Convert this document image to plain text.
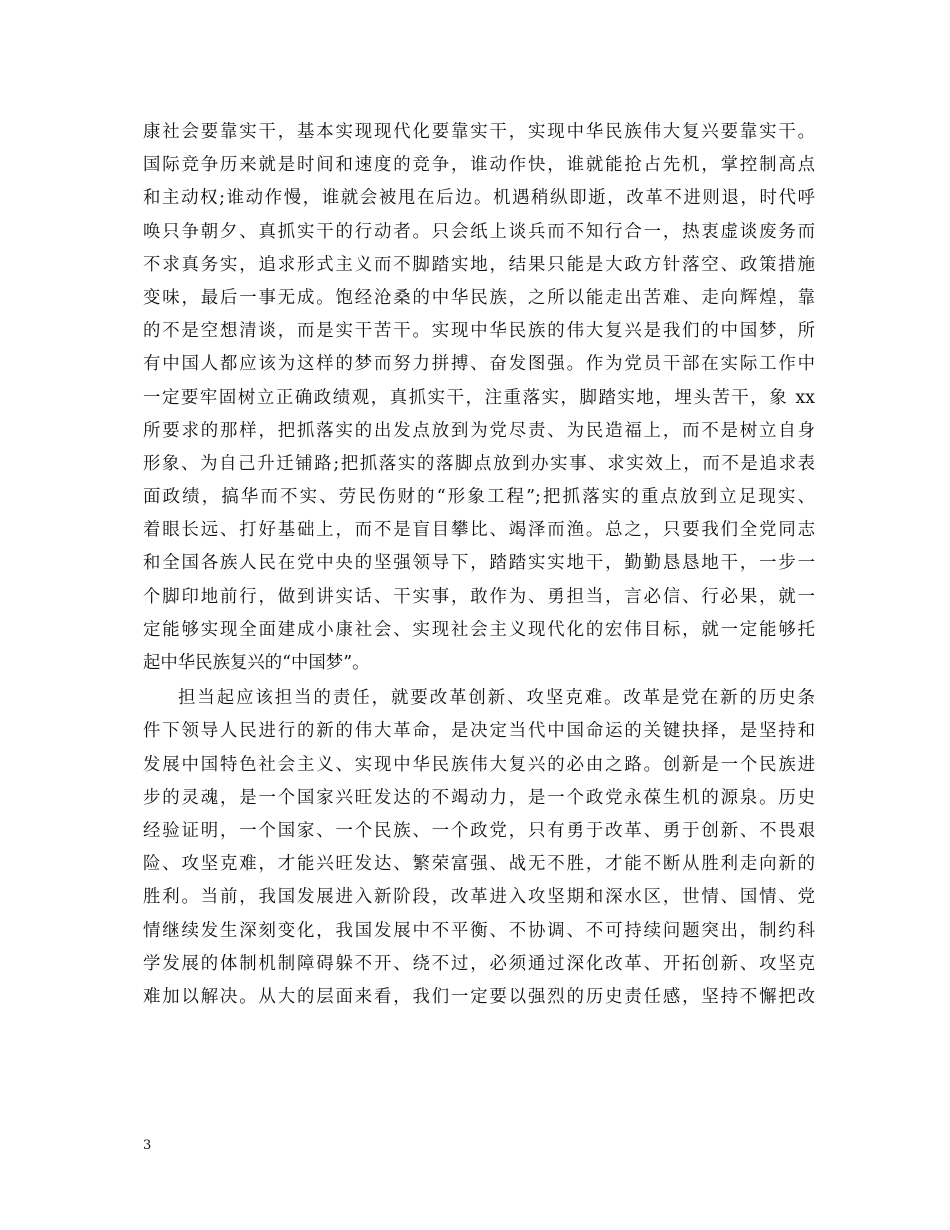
康社会要靠实干，基本实现现代化要靠实干，实现中华民族伟大复兴要靠实干。
国际竞争历来就是时间和速度的竞争，谁动作快，谁就能抢占先机，掌控制高点
和主动权;谁动作慢，谁就会被甩在后边。机遇稍纵即逝，改革不进则退，时代呼
唤只争朝夕、真抓实干的行动者。只会纸上谈兵而不知行合一，热衷虚谈废务而
不求真务实，追求形式主义而不脚踏实地，结果只能是大政方针落空、政策措施
变味，最后一事无成。饱经沧桑的中华民族，之所以能走出苦难、走向辉煌，靠
的不是空想清谈，而是实干苦干。实现中华民族的伟大复兴是我们的中国梦，所
有中国人都应该为这样的梦而努力拼搏、奋发图强。作为党员干部在实际工作中
一定要牢固树立正确政绩观，真抓实干，注重落实，脚踏实地，埋头苦干，象 xx
所要求的那样，把抓落实的出发点放到为党尽责、为民造福上，而不是树立自身
形象、为自己升迁铺路;把抓落实的落脚点放到办实事、求实效上，而不是追求表
面政绩，搞华而不实、劳民伤财的“形象工程”;把抓落实的重点放到立足现实、
着眼长远、打好基础上，而不是盲目攀比、竭泽而渔。总之，只要我们全党同志
和全国各族人民在党中央的坚强领导下，踏踏实实地干，勤勤恳恳地干，一步一
个脚印地前行，做到讲实话、干实事，敢作为、勇担当，言必信、行必果，就一
定能够实现全面建成小康社会、实现社会主义现代化的宏伟目标，就一定能够托
起中华民族复兴的“中国梦”。
担当起应该担当的责任，就要改革创新、攻坚克难。改革是党在新的历史条
件下领导人民进行的新的伟大革命，是决定当代中国命运的关键抉择，是坚持和
发展中国特色社会主义、实现中华民族伟大复兴的必由之路。创新是一个民族进
步的灵魂，是一个国家兴旺发达的不竭动力，是一个政党永葆生机的源泉。历史
经验证明，一个国家、一个民族、一个政党，只有勇于改革、勇于创新、不畏艰
险、攻坚克难，才能兴旺发达、繁荣富强、战无不胜，才能不断从胜利走向新的
胜利。当前，我国发展进入新阶段，改革进入攻坚期和深水区，世情、国情、党
情继续发生深刻变化，我国发展中不平衡、不协调、不可持续问题突出，制约科
学发展的体制机制障碍躲不开、绕不过，必须通过深化改革、开拓创新、攻坚克
难加以解决。从大的层面来看，我们一定要以强烈的历史责任感，坚持不懈把改
3
